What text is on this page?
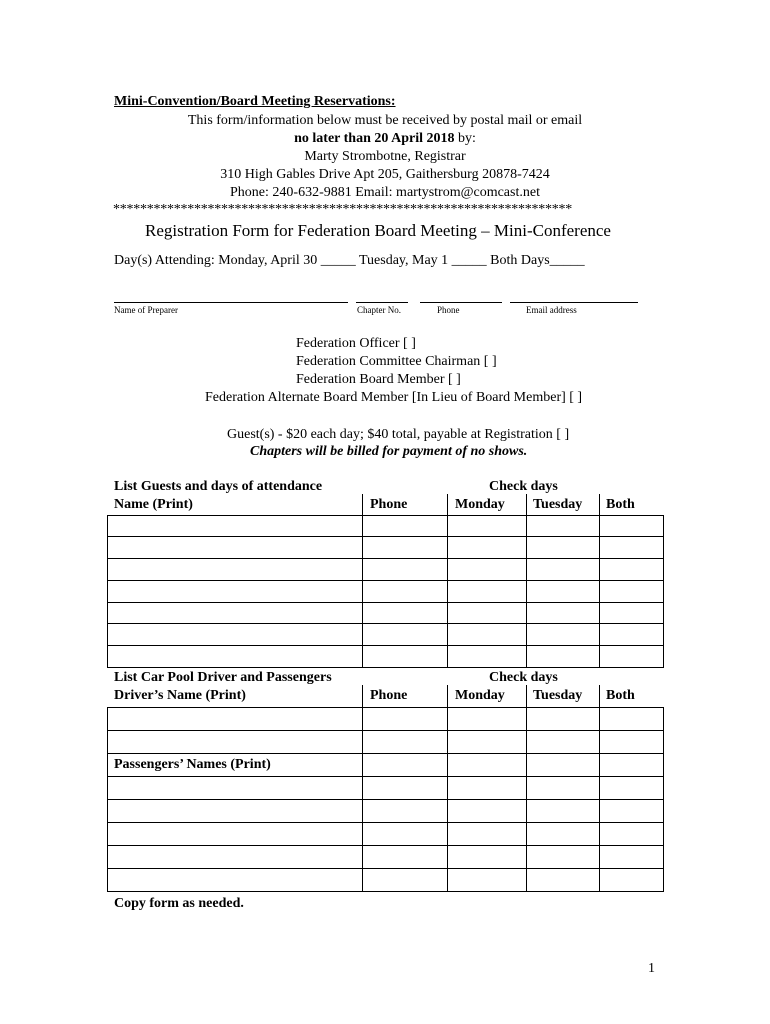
Mini-Convention/Board Meeting Reservations:
This form/information below must be received by postal mail or email
no later than 20 April 2018 by:
Marty Strombotne, Registrar
310 High Gables Drive Apt 205, Gaithersburg 20878-7424
Phone: 240-632-9881 Email: martystrom@comcast.net
********************************************************************
Registration Form for Federation Board Meeting – Mini-Conference
Day(s) Attending: Monday, April 30 _____ Tuesday, May 1 _____ Both Days_____
Name of Preparer	Chapter No.	Phone	Email address
Federation Officer [ ]
Federation Committee Chairman [ ]
Federation Board Member [ ]
Federation Alternate Board Member [In Lieu of Board Member] [ ]
Guest(s) - $20 each day; $40 total, payable at Registration [ ]
Chapters will be billed for payment of no shows.
List Guests and days of attendance	Check days
Name (Print)	Phone	Monday Tuesday Both

List Car Pool Driver and Passengers	Check days
Driver’s Name (Print)	Phone	Monday Tuesday Both

Passengers’ Names (Print)				

Copy form as needed.
1
